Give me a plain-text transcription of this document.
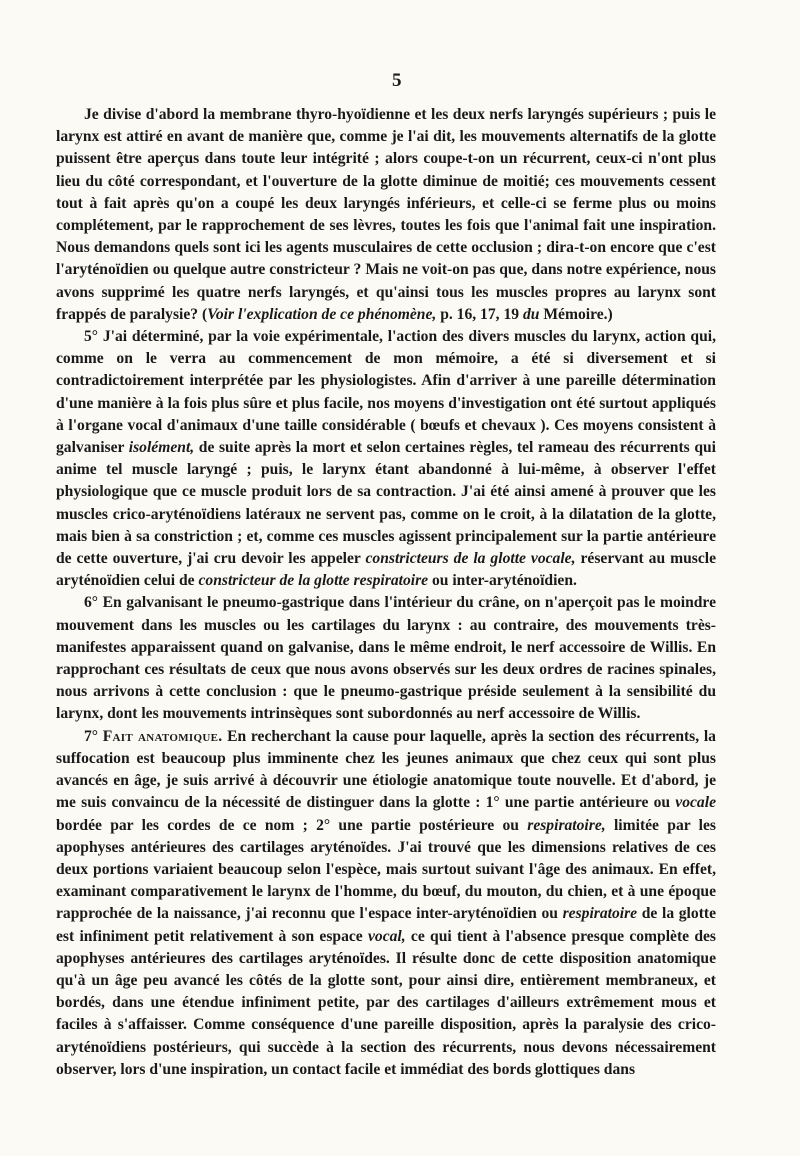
5

Je divise d'abord la membrane thyro-hyoïdienne et les deux nerfs laryngés supérieurs ; puis le larynx est attiré en avant de manière que, comme je l'ai dit, les mouvements alternatifs de la glotte puissent être aperçus dans toute leur intégrité ; alors coupe-t-on un récurrent, ceux-ci n'ont plus lieu du côté correspondant, et l'ouverture de la glotte diminue de moitié; ces mouvements cessent tout à fait après qu'on a coupé les deux laryngés inférieurs, et celle-ci se ferme plus ou moins complétement, par le rapprochement de ses lèvres, toutes les fois que l'animal fait une inspiration. Nous demandons quels sont ici les agents musculaires de cette occlusion ; dira-t-on encore que c'est l'aryténoïdien ou quelque autre constricteur ? Mais ne voit-on pas que, dans notre expérience, nous avons supprimé les quatre nerfs laryngés, et qu'ainsi tous les muscles propres au larynx sont frappés de paralysie? (Voir l'explication de ce phénomène, p. 16, 17, 19 du Mémoire.)

5° J'ai déterminé, par la voie expérimentale, l'action des divers muscles du larynx, action qui, comme on le verra au commencement de mon mémoire, a été si diversement et si contradictoirement interprétée par les physiologistes. Afin d'arriver à une pareille détermination d'une manière à la fois plus sûre et plus facile, nos moyens d'investigation ont été surtout appliqués à l'organe vocal d'animaux d'une taille considérable ( bœufs et chevaux ). Ces moyens consistent à galvaniser isolément, de suite après la mort et selon certaines règles, tel rameau des récurrents qui anime tel muscle laryngé ; puis, le larynx étant abandonné à lui-même, à observer l'effet physiologique que ce muscle produit lors de sa contraction. J'ai été ainsi amené à prouver que les muscles crico-aryténoïdiens latéraux ne servent pas, comme on le croit, à la dilatation de la glotte, mais bien à sa constriction ; et, comme ces muscles agissent principalement sur la partie antérieure de cette ouverture, j'ai cru devoir les appeler constricteurs de la glotte vocale, réservant au muscle aryténoïdien celui de constricteur de la glotte respiratoire ou inter-aryténoïdien.

6° En galvanisant le pneumo-gastrique dans l'intérieur du crâne, on n'aperçoit pas le moindre mouvement dans les muscles ou les cartilages du larynx : au contraire, des mouvements très-manifestes apparaissent quand on galvanise, dans le même endroit, le nerf accessoire de Willis. En rapprochant ces résultats de ceux que nous avons observés sur les deux ordres de racines spinales, nous arrivons à cette conclusion : que le pneumo-gastrique préside seulement à la sensibilité du larynx, dont les mouvements intrinsèques sont subordonnés au nerf accessoire de Willis.

7° Fait anatomique. En recherchant la cause pour laquelle, après la section des récurrents, la suffocation est beaucoup plus imminente chez les jeunes animaux que chez ceux qui sont plus avancés en âge, je suis arrivé à découvrir une étiologie anatomique toute nouvelle. Et d'abord, je me suis convaincu de la nécessité de distinguer dans la glotte : 1° une partie antérieure ou vocale bordée par les cordes de ce nom ; 2° une partie postérieure ou respiratoire, limitée par les apophyses antérieures des cartilages aryténoïdes. J'ai trouvé que les dimensions relatives de ces deux portions variaient beaucoup selon l'espèce, mais surtout suivant l'âge des animaux. En effet, examinant comparativement le larynx de l'homme, du bœuf, du mouton, du chien, et à une époque rapprochée de la naissance, j'ai reconnu que l'espace inter-aryténoïdien ou respiratoire de la glotte est infiniment petit relativement à son espace vocal, ce qui tient à l'absence presque complète des apophyses antérieures des cartilages aryténoïdes. Il résulte donc de cette disposition anatomique qu'à un âge peu avancé les côtés de la glotte sont, pour ainsi dire, entièrement membraneux, et bordés, dans une étendue infiniment petite, par des cartilages d'ailleurs extrêmement mous et faciles à s'affaisser. Comme conséquence d'une pareille disposition, après la paralysie des crico-aryténoïdiens postérieurs, qui succède à la section des récurrents, nous devons nécessairement observer, lors d'une inspiration, un contact facile et immédiat des bords glottiques dans
